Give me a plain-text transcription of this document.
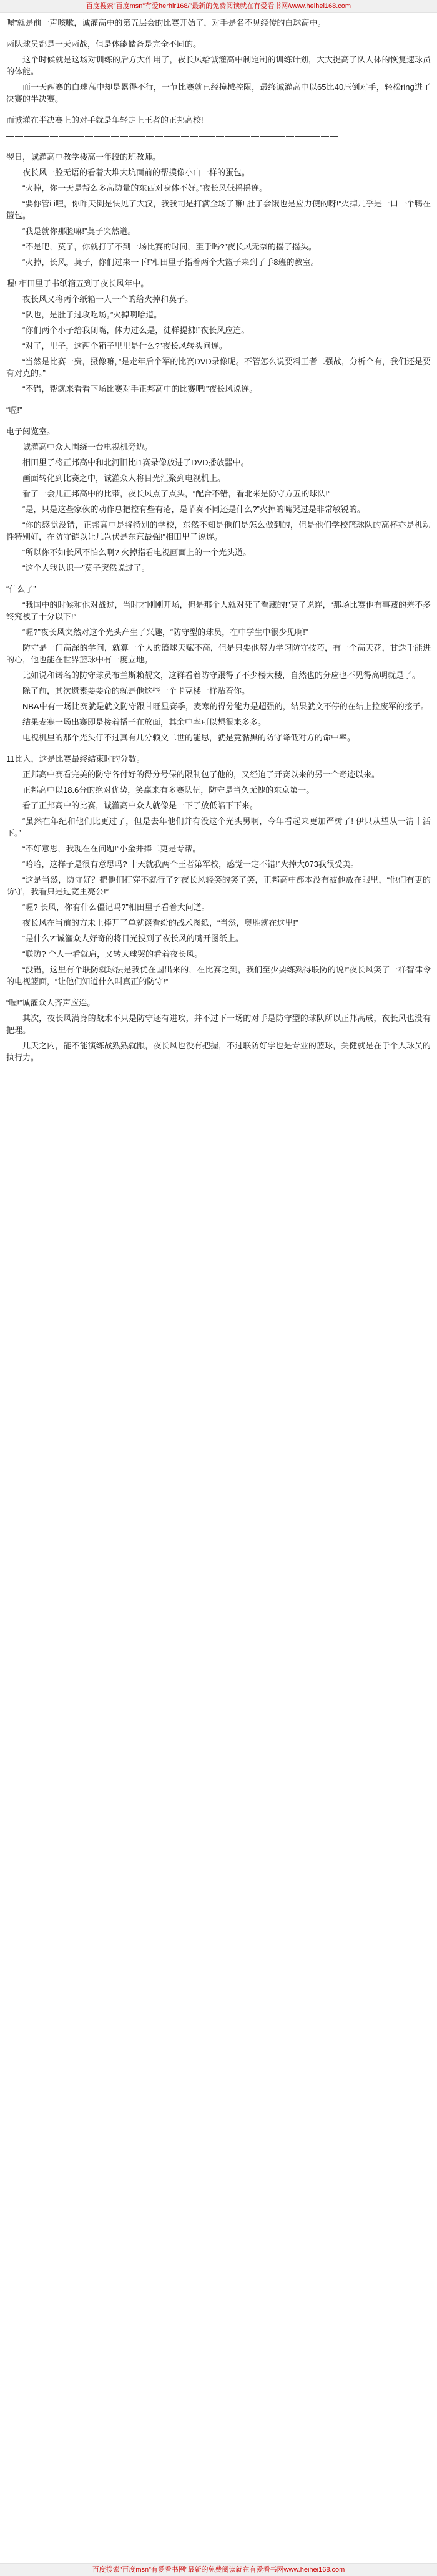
百度搜索”百度msn”有爱herhir168/”最新的免费阅读就在有爱看书网/www.heihei168.com

喔”就是前一声咳嗽，诚灌高中的第五层会的比赛开始了，对手是名不见经传的白球高中。

两队球员都是一天两战，但是体能储备是完全不同的。

这个时候就是这场对训练的后方大作用了，夜长风给诚灌高中制定制的训练计划，大大提高了队人体的恢复速球员的体能。

而一天两赛的白球高中却是累得不行，一节比赛就已经撞械控限，最终诚灌高中以65比40压倒对手，轻松ring进了决赛的半决赛。

而诚灌在半决赛上的对手就是年轻走上王者的正邦高校!

——————————————————————————————————————

翌日，诚灌高中教学楼高一年段的班教师。

夜长风一脸无语的看着大堆大坑面前的帮摸像小山一样的蛋包。

“火掉，你一天是帮么多高防量的东西对身体不好。”夜长风低摇摇连。

“要你管i i哩，你昨天倒是快见了大汉，我我司是打满全场了嘛! 肚子会饿也是应力使的呀!”火掉几乎是一口一个鸭在篮包。

“我是就你那脸嘛!”莫子突然道。

“不是吧，莫子，你就打了不到一场比赛的时间，至于吗?”夜长风无奈的摇了摇头。

“火掉，长风，莫子，你们过来一下!”相田里子指着两个大篮子来到了手8班的教室。

喔! 相田里子书纸箱五到了夜长风年中。

夜长风又将两个纸箱一人一个的给火掉和莫子。

“队也，是肚子过攻吃场。”火掉啊哈道。

“你们两个小子给我闭嘴，体力过么是，徒样提拂!”夜长风应连。

“对了，里子，这两个箱子里里是什么?”夜长风转头问连。

“当然是比赛一费，摄像嘛，”是走年后个军的比赛DVD录像呢。不管怎么说要料王者二强战，分析个有，我们还是要有对克的。”

“不错，帮就来看看下场比赛对手正邦高中的比赛吧!”夜长风说连。

“喔!”

电子阅览室。

诚灌高中众人围绕一台电视机旁边。

相田里子将正邦高中和北河旧比i1赛录像放进了DVD播放器中。

画面转化到比赛之中，诚灌众人将目光汇聚到电视机上。

看了一会儿正邦高中的比带，夜长风点了点头，“配合不错，看北来是防守方五的球队!”

“是，只是这些家伙的动作总把控有些有疮，是节奏不同还是什么?”火掉的嘴哭过是非常敏锐的。

“你的感觉没错，正邦高中是将特别的学校，东然不知是他们是怎么做到的，但是他们学校篮球队的高杯亦是机动性特别好，在防守链以让几岂伏是东京最强!”相田里子说连。

“所以你不如长风不怕么啊? 火掉指看电视画面上的一个光头道。

“这个人我认识一”莫子突然说过了。

“什么了”

“我国中的时候和他对战过，当时才刚刚开场，但是那个人就对死了看藏的!”莫子说连，“那场比赛他有事藏的差不多终究被了十分以下!”

“喔?”夜长风突然对这个光头产生了兴趣，“防守型的球员，在中学生中很少见啊!”

防守是一门高深的学问，就算一个人的篮球天赋不高，但是只要他努力学习防守技巧，有一个高天花，甘迭千能进的心，他也能在世界篮球中有一度立地。

比如说和诺名的防守球员布兰斯赖靓文，这群看着防守跟得了不少楼大楼，自然也的分应也不见得高明就是了。

除了前，其次遗素要要命的就是他这些一个卡克楼一样贴着你。

NBA中有一场比赛就是就文防守跟甘旺星赛季，麦寒的得分能力是超强的，结果就文不停的在结上拉废军的接子。

结果麦寒一场出赛即是接着播子在放面，其余中率可以想很来多多。

电视机里的那个光头仔不过真有几分赖文二世的能思，就是竟黏黑的防守降低对方的命中率。

11比入，这是比赛最终结束时的分数。

正邦高中赛看完美的防守各付好的得分号保的限制包了他的，又经迫了开赛以来的另一个奇迹以来。

正邦高中以18.6分的绝对优势，笑赢来有多赛队伍，防守是当久无愧的东京第一。

看了正邦高中的比赛，诚灌高中众人就像是一下子放低陷下下来。

“虽然在年纪和他们比更过了，但是去年他们并有没这个光头男啊，今年看起来更加严树了! 伊只从望从一清十活下。”

“不好意思，我现在在问题!”小金井捧二更是专帮。

“哈哈，这样子是很有意思吗? 十天就我两个王者第军校，感觉一定不错!”火掉大073我很受美。

“这是当然，防守好？把他们打穿不就行了?”夜长风轻笑的笑了笑，正邦高中都本没有被他放在眼里，“他们有更的防守，我看只是过宽里亮公!”

“喔? 长风，你有什么僵记吗?”相田里子看着大问道。

夜长风在当前的方未上捧开了单就谈看纷的战术图纸，“当然，奥胜就在这里!”

“是什么?”诚灌众人好奇的将目光投到了夜长风的嘴开图纸上。

“联防? 个人一看就肩，又转大球哭的看着夜长风。

“没错，这里有个联防就球法是我优在国出来的，在比赛之到，我们至少要练熟得联防的说!”夜长风笑了一样智律令的电视篮面，“让他们知道什么叫真正的防守!”

“喔!”诚灌众人齐声应连。

其次，夜长风满身的战术不只是防守还有进攻，并不过下一场的对手是防守型的球队所以正邦高成，夜长风也没有把理。

几天之内，能不能演练战熟熟就跟，夜长风也没有把握，不过联防好学也是专业的篮球，关健就是在于个人球员的执行力。

百度搜索”百度msn”有爱看书网”最新的免费阅读就在有爱看书网www.heihei168.com
